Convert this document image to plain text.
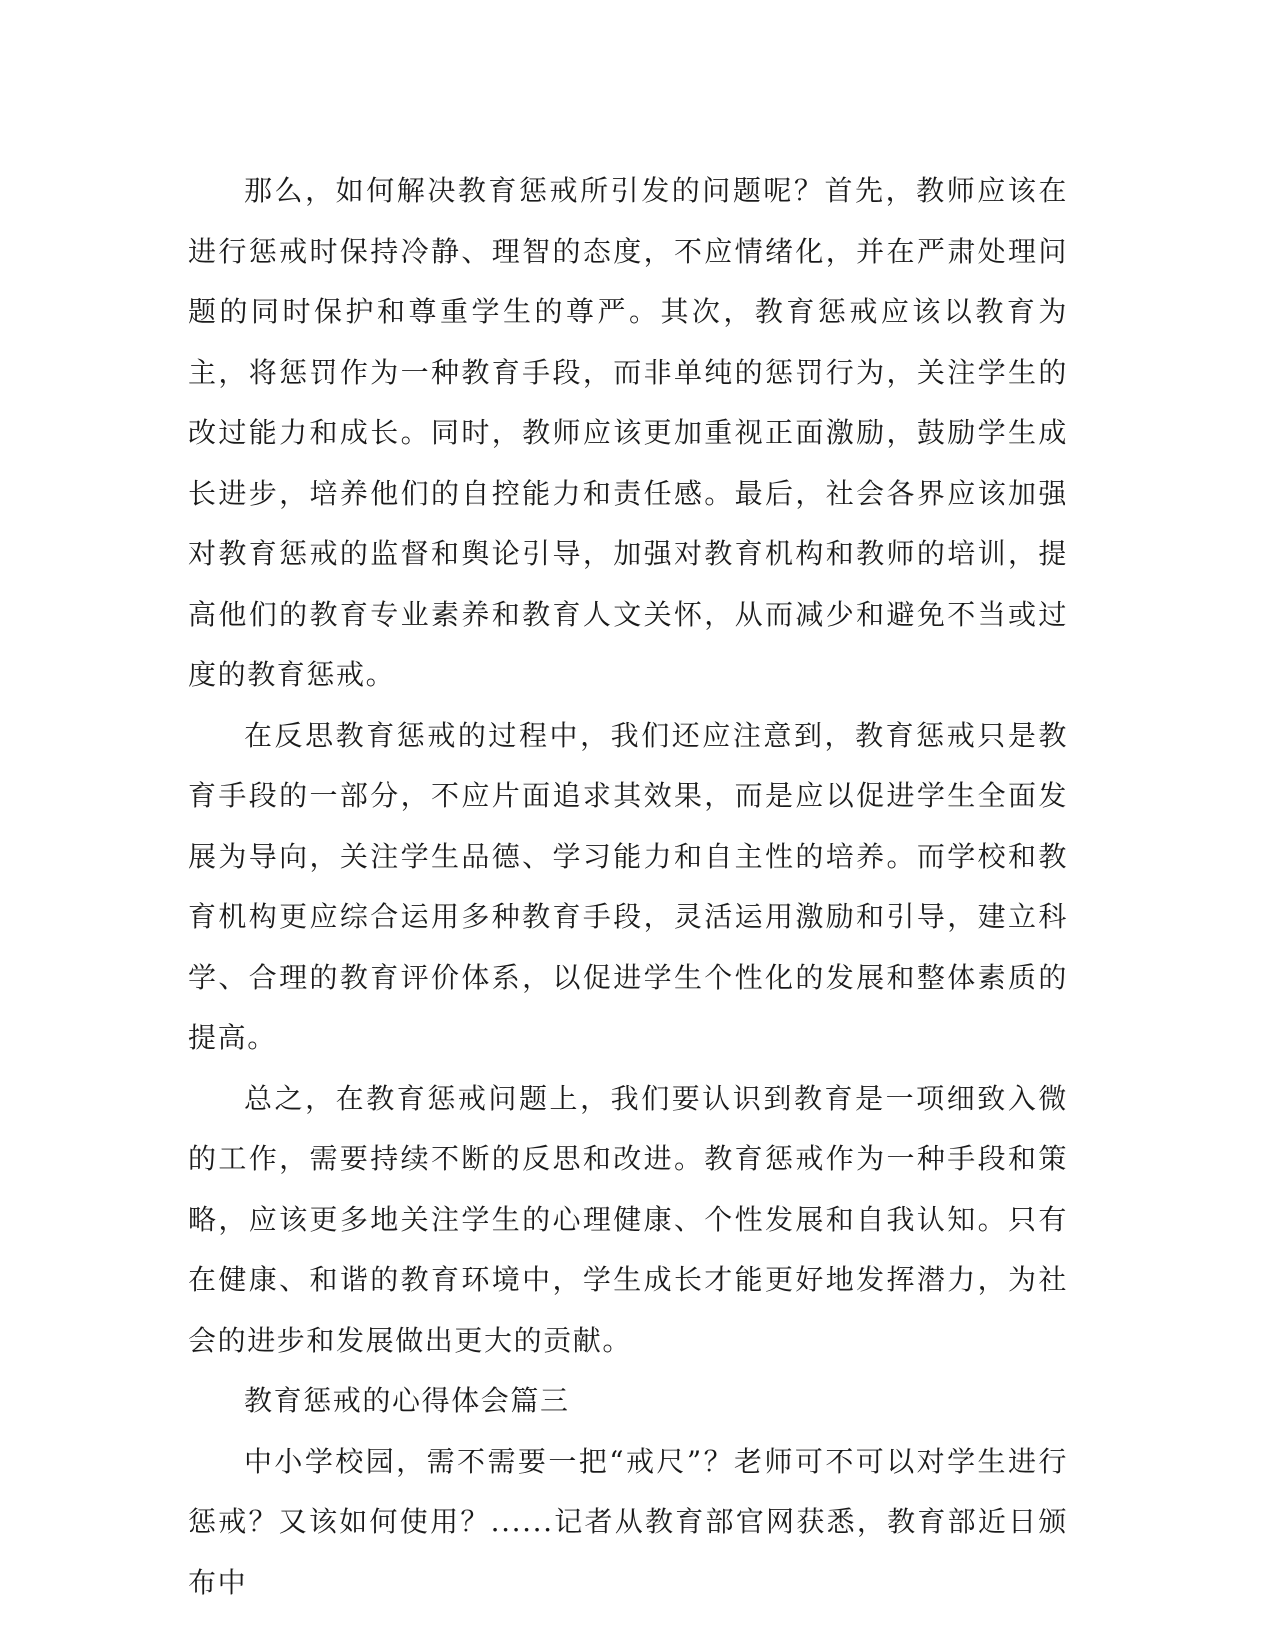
那么，如何解决教育惩戒所引发的问题呢？首先，教师应该在进行惩戒时保持冷静、理智的态度，不应情绪化，并在严肃处理问题的同时保护和尊重学生的尊严。其次，教育惩戒应该以教育为主，将惩罚作为一种教育手段，而非单纯的惩罚行为，关注学生的改过能力和成长。同时，教师应该更加重视正面激励，鼓励学生成长进步，培养他们的自控能力和责任感。最后，社会各界应该加强对教育惩戒的监督和舆论引导，加强对教育机构和教师的培训，提高他们的教育专业素养和教育人文关怀，从而减少和避免不当或过度的教育惩戒。

在反思教育惩戒的过程中，我们还应注意到，教育惩戒只是教育手段的一部分，不应片面追求其效果，而是应以促进学生全面发展为导向，关注学生品德、学习能力和自主性的培养。而学校和教育机构更应综合运用多种教育手段，灵活运用激励和引导，建立科学、合理的教育评价体系，以促进学生个性化的发展和整体素质的提高。

总之，在教育惩戒问题上，我们要认识到教育是一项细致入微的工作，需要持续不断的反思和改进。教育惩戒作为一种手段和策略，应该更多地关注学生的心理健康、个性发展和自我认知。只有在健康、和谐的教育环境中，学生成长才能更好地发挥潜力，为社会的进步和发展做出更大的贡献。

教育惩戒的心得体会篇三

中小学校园，需不需要一把“戒尺”？老师可不可以对学生进行惩戒？又该如何使用？......记者从教育部官网获悉，教育部近日颁布中
